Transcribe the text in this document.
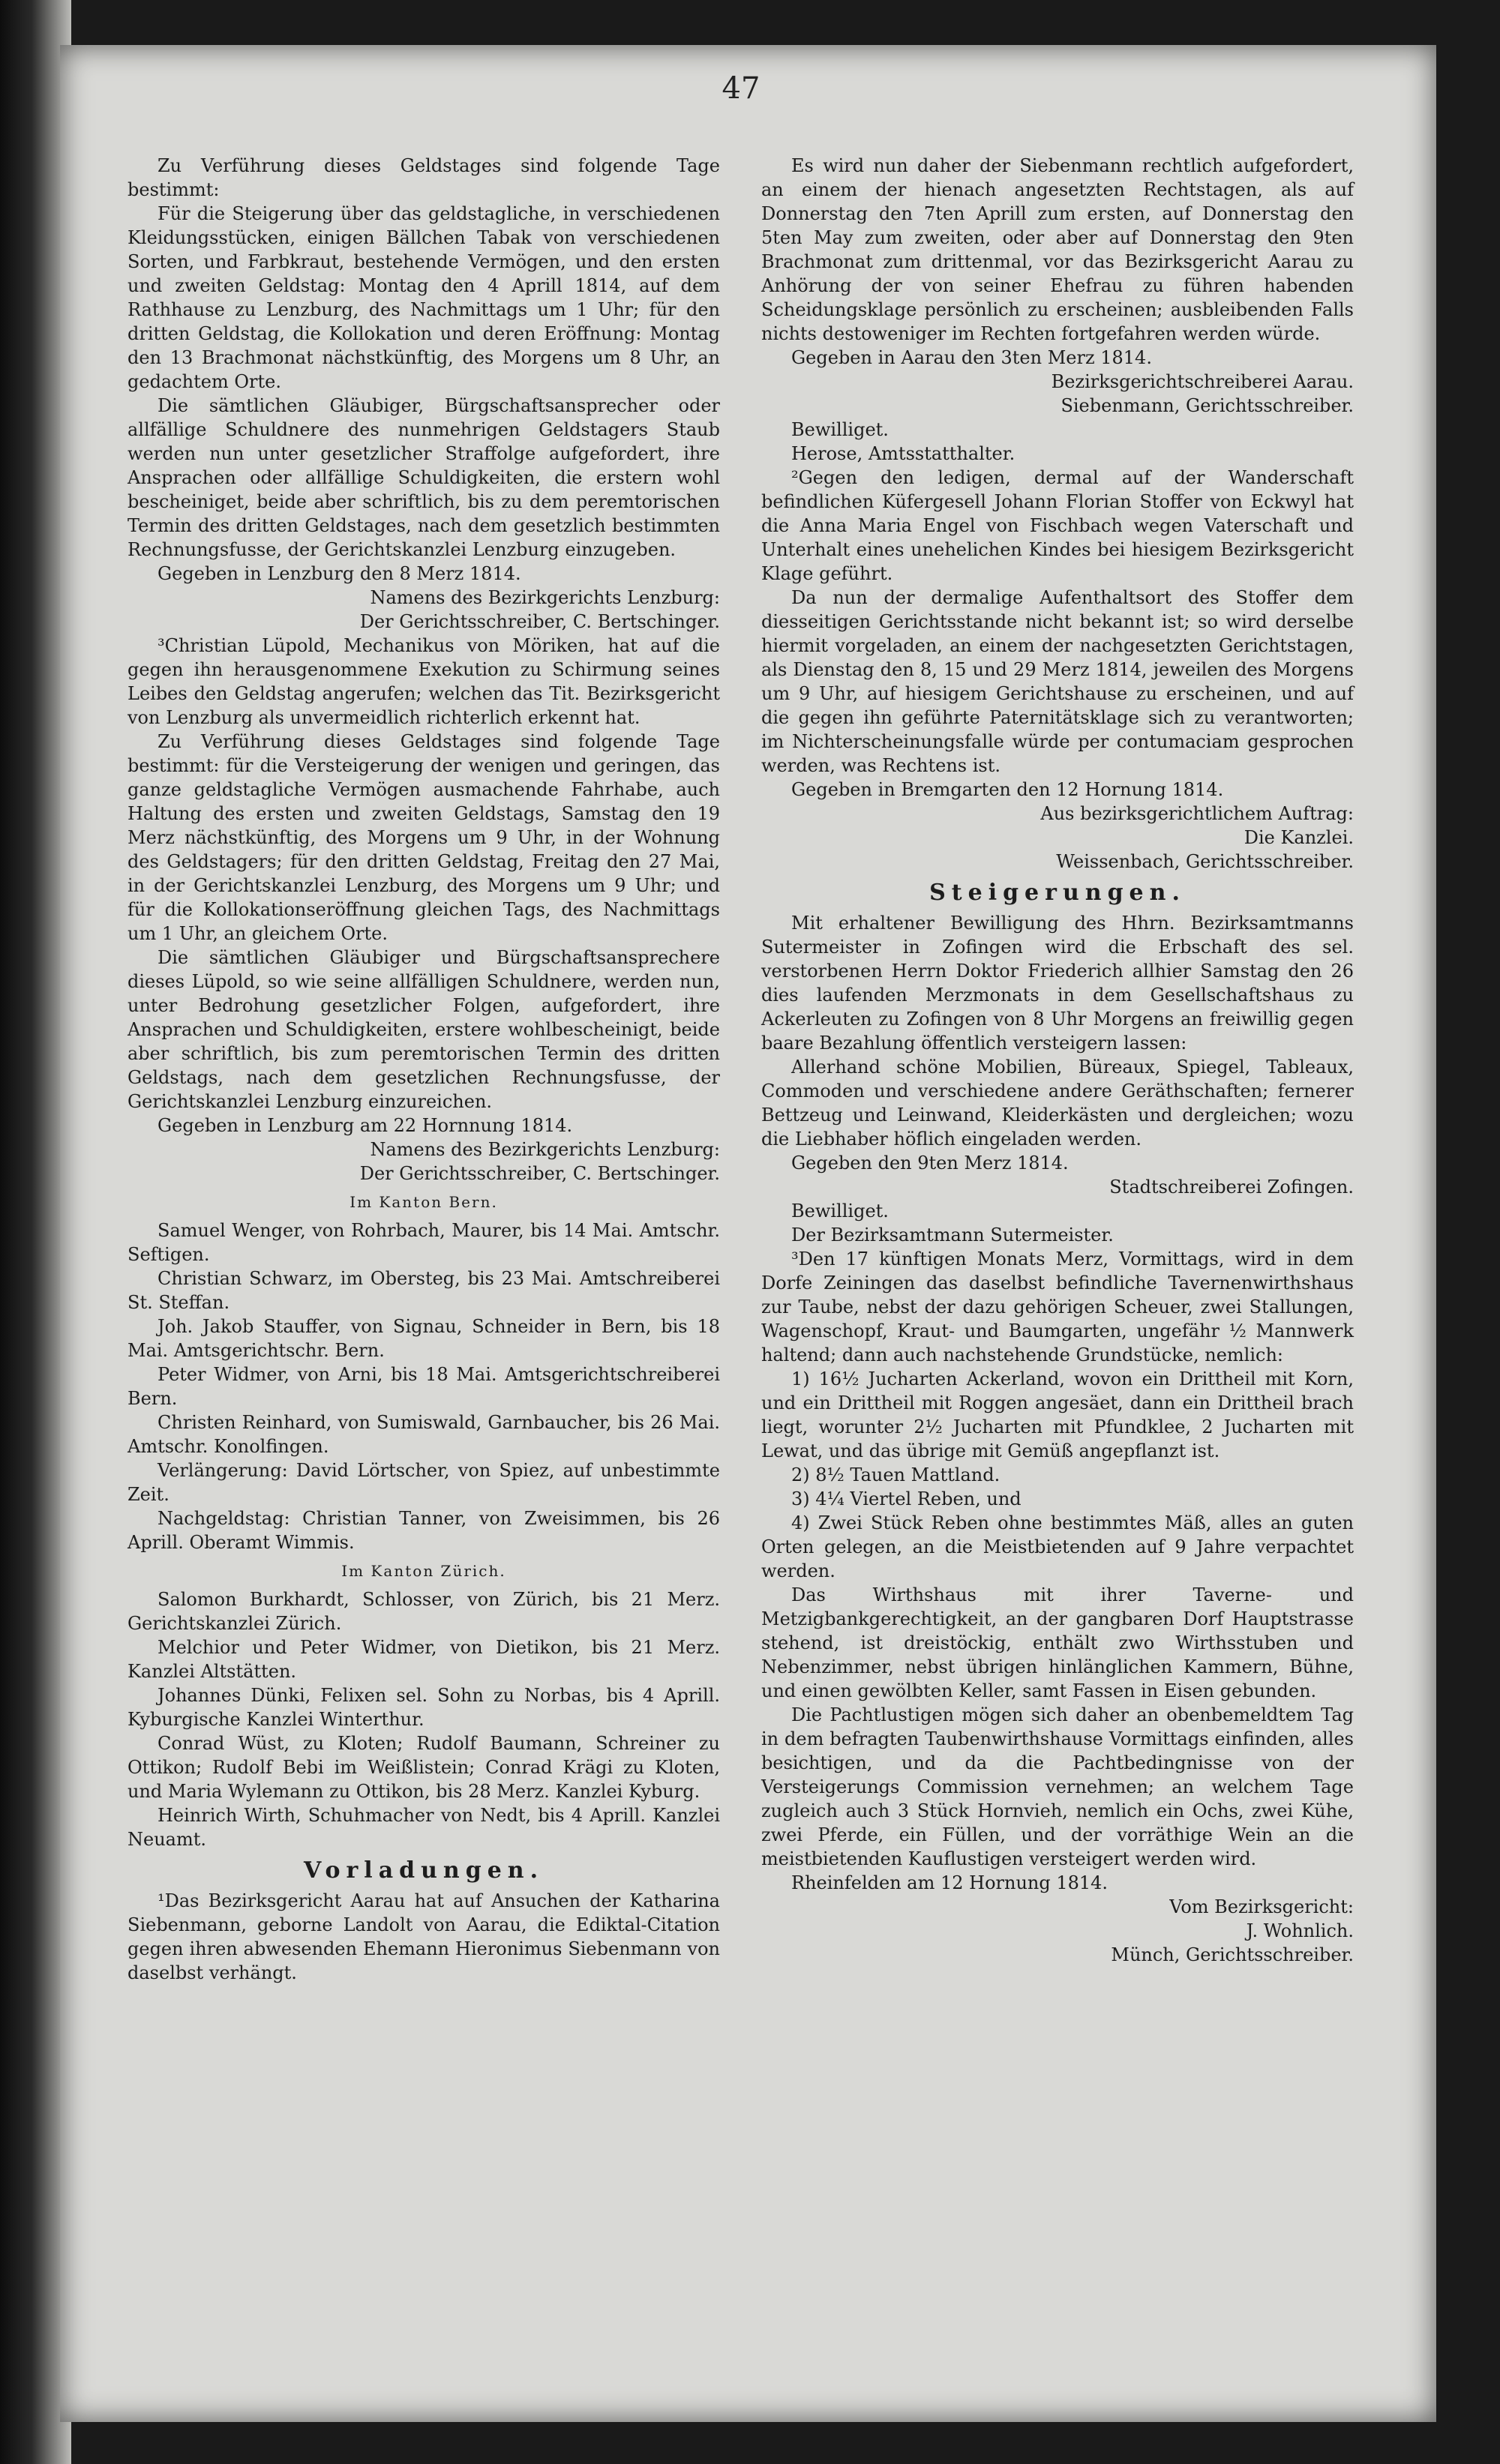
47

Zu Verführung dieses Geldstages sind folgende Tage bestimmt:

Für die Steigerung über das geldstagliche, in verschiedenen Kleidungsstücken, einigen Bällchen Tabak von verschiedenen Sorten, und Farbkraut, bestehende Vermögen, und den ersten und zweiten Geldstag: Montag den 4 Aprill 1814, auf dem Rathhause zu Lenzburg, des Nachmittags um 1 Uhr; für den dritten Geldstag, die Kollokation und deren Eröffnung: Montag den 13 Brachmonat nächstkünftig, des Morgens um 8 Uhr, an gedachtem Orte.

Die sämtlichen Gläubiger, Bürgschaftsansprecher oder allfällige Schuldnere des nunmehrigen Geldstagers Staub werden nun unter gesetzlicher Straffolge aufgefordert, ihre Ansprachen oder allfällige Schuldigkeiten, die erstern wohl bescheiniget, beide aber schriftlich, bis zu dem peremtorischen Termin des dritten Geldstages, nach dem gesetzlich bestimmten Rechnungsfusse, der Gerichtskanzlei Lenzburg einzugeben.

Gegeben in Lenzburg den 8 Merz 1814.

Namens des Bezirkgerichts Lenzburg:

Der Gerichtsschreiber, C. Bertschinger.

³Christian Lüpold, Mechanikus von Möriken, hat auf die gegen ihn herausgenommene Exekution zu Schirmung seines Leibes den Geldstag angerufen; welchen das Tit. Bezirksgericht von Lenzburg als unvermeidlich richterlich erkennt hat.

Zu Verführung dieses Geldstages sind folgende Tage bestimmt: für die Versteigerung der wenigen und geringen, das ganze geldstagliche Vermögen ausmachende Fahrhabe, auch Haltung des ersten und zweiten Geldstags, Samstag den 19 Merz nächstkünftig, des Morgens um 9 Uhr, in der Wohnung des Geldstagers; für den dritten Geldstag, Freitag den 27 Mai, in der Gerichtskanzlei Lenzburg, des Morgens um 9 Uhr; und für die Kollokationseröffnung gleichen Tags, des Nachmittags um 1 Uhr, an gleichem Orte.

Die sämtlichen Gläubiger und Bürgschaftsansprechere dieses Lüpold, so wie seine allfälligen Schuldnere, werden nun, unter Bedrohung gesetzlicher Folgen, aufgefordert, ihre Ansprachen und Schuldigkeiten, erstere wohlbescheinigt, beide aber schriftlich, bis zum peremtorischen Termin des dritten Geldstags, nach dem gesetzlichen Rechnungsfusse, der Gerichtskanzlei Lenzburg einzureichen.

Gegeben in Lenzburg am 22 Hornnung 1814.

Namens des Bezirkgerichts Lenzburg:

Der Gerichtsschreiber, C. Bertschinger.

Im Kanton Bern.

Samuel Wenger, von Rohrbach, Maurer, bis 14 Mai. Amtschr. Seftigen.

Christian Schwarz, im Obersteg, bis 23 Mai. Amtschreiberei St. Steffan.

Joh. Jakob Stauffer, von Signau, Schneider in Bern, bis 18 Mai. Amtsgerichtschr. Bern.

Peter Widmer, von Arni, bis 18 Mai. Amtsgerichtschreiberei Bern.

Christen Reinhard, von Sumiswald, Garnbaucher, bis 26 Mai. Amtschr. Konolfingen.

Verlängerung: David Lörtscher, von Spiez, auf unbestimmte Zeit.

Nachgeldstag: Christian Tanner, von Zweisimmen, bis 26 Aprill. Oberamt Wimmis.

Im Kanton Zürich.

Salomon Burkhardt, Schlosser, von Zürich, bis 21 Merz. Gerichtskanzlei Zürich.

Melchior und Peter Widmer, von Dietikon, bis 21 Merz. Kanzlei Altstätten.

Johannes Dünki, Felixen sel. Sohn zu Norbas, bis 4 Aprill. Kyburgische Kanzlei Winterthur.

Conrad Wüst, zu Kloten; Rudolf Baumann, Schreiner zu Ottikon; Rudolf Bebi im Weißlistein; Conrad Krägi zu Kloten, und Maria Wylemann zu Ottikon, bis 28 Merz. Kanzlei Kyburg.

Heinrich Wirth, Schuhmacher von Nedt, bis 4 Aprill. Kanzlei Neuamt.

Vorladungen.

¹Das Bezirksgericht Aarau hat auf Ansuchen der Katharina Siebenmann, geborne Landolt von Aarau, die Ediktal-Citation gegen ihren abwesenden Ehemann Hieronimus Siebenmann von daselbst verhängt.

Es wird nun daher der Siebenmann rechtlich aufgefordert, an einem der hienach angesetzten Rechtstagen, als auf Donnerstag den 7ten Aprill zum ersten, auf Donnerstag den 5ten May zum zweiten, oder aber auf Donnerstag den 9ten Brachmonat zum drittenmal, vor das Bezirksgericht Aarau zu Anhörung der von seiner Ehefrau zu führen habenden Scheidungsklage persönlich zu erscheinen; ausbleibenden Falls nichts destoweniger im Rechten fortgefahren werden würde.

Gegeben in Aarau den 3ten Merz 1814.

Bezirksgerichtschreiberei Aarau.

Siebenmann, Gerichtsschreiber.

Bewilliget.

Herose, Amtsstatthalter.

²Gegen den ledigen, dermal auf der Wanderschaft befindlichen Küfergesell Johann Florian Stoffer von Eckwyl hat die Anna Maria Engel von Fischbach wegen Vaterschaft und Unterhalt eines unehelichen Kindes bei hiesigem Bezirksgericht Klage geführt.

Da nun der dermalige Aufenthaltsort des Stoffer dem diesseitigen Gerichtsstande nicht bekannt ist; so wird derselbe hiermit vorgeladen, an einem der nachgesetzten Gerichtstagen, als Dienstag den 8, 15 und 29 Merz 1814, jeweilen des Morgens um 9 Uhr, auf hiesigem Gerichtshause zu erscheinen, und auf die gegen ihn geführte Paternitätsklage sich zu verantworten; im Nichterscheinungsfalle würde per contumaciam gesprochen werden, was Rechtens ist.

Gegeben in Bremgarten den 12 Hornung 1814.

Aus bezirksgerichtlichem Auftrag:

Die Kanzlei.

Weissenbach, Gerichtsschreiber.

Steigerungen.

Mit erhaltener Bewilligung des Hhrn. Bezirksamtmanns Sutermeister in Zofingen wird die Erbschaft des sel. verstorbenen Herrn Doktor Friederich allhier Samstag den 26 dies laufenden Merzmonats in dem Gesellschaftshaus zu Ackerleuten zu Zofingen von 8 Uhr Morgens an freiwillig gegen baare Bezahlung öffentlich versteigern lassen:

Allerhand schöne Mobilien, Büreaux, Spiegel, Tableaux, Commoden und verschiedene andere Geräthschaften; fernerer Bettzeug und Leinwand, Kleiderkästen und dergleichen; wozu die Liebhaber höflich eingeladen werden.

Gegeben den 9ten Merz 1814.

Stadtschreiberei Zofingen.

Bewilliget.

Der Bezirksamtmann Sutermeister.

³Den 17 künftigen Monats Merz, Vormittags, wird in dem Dorfe Zeiningen das daselbst befindliche Tavernenwirthshaus zur Taube, nebst der dazu gehörigen Scheuer, zwei Stallungen, Wagenschopf, Kraut- und Baumgarten, ungefähr ½ Mannwerk haltend; dann auch nachstehende Grundstücke, nemlich:

1) 16½ Jucharten Ackerland, wovon ein Drittheil mit Korn, und ein Drittheil mit Roggen angesäet, dann ein Drittheil brach liegt, worunter 2½ Jucharten mit Pfundklee, 2 Jucharten mit Lewat, und das übrige mit Gemüß angepflanzt ist.

2) 8½ Tauen Mattland.

3) 4¼ Viertel Reben, und

4) Zwei Stück Reben ohne bestimmtes Mäß, alles an guten Orten gelegen, an die Meistbietenden auf 9 Jahre verpachtet werden.

Das Wirthshaus mit ihrer Taverne- und Metzigbankgerechtigkeit, an der gangbaren Dorf Hauptstrasse stehend, ist dreistöckig, enthält zwo Wirthsstuben und Nebenzimmer, nebst übrigen hinlänglichen Kammern, Bühne, und einen gewölbten Keller, samt Fassen in Eisen gebunden.

Die Pachtlustigen mögen sich daher an obenbemeldtem Tag in dem befragten Taubenwirthshause Vormittags einfinden, alles besichtigen, und da die Pachtbedingnisse von der Versteigerungs Commission vernehmen; an welchem Tage zugleich auch 3 Stück Hornvieh, nemlich ein Ochs, zwei Kühe, zwei Pferde, ein Füllen, und der vorräthige Wein an die meistbietenden Kauflustigen versteigert werden wird.

Rheinfelden am 12 Hornung 1814.

Vom Bezirksgericht:

J. Wohnlich.

Münch, Gerichtsschreiber.
